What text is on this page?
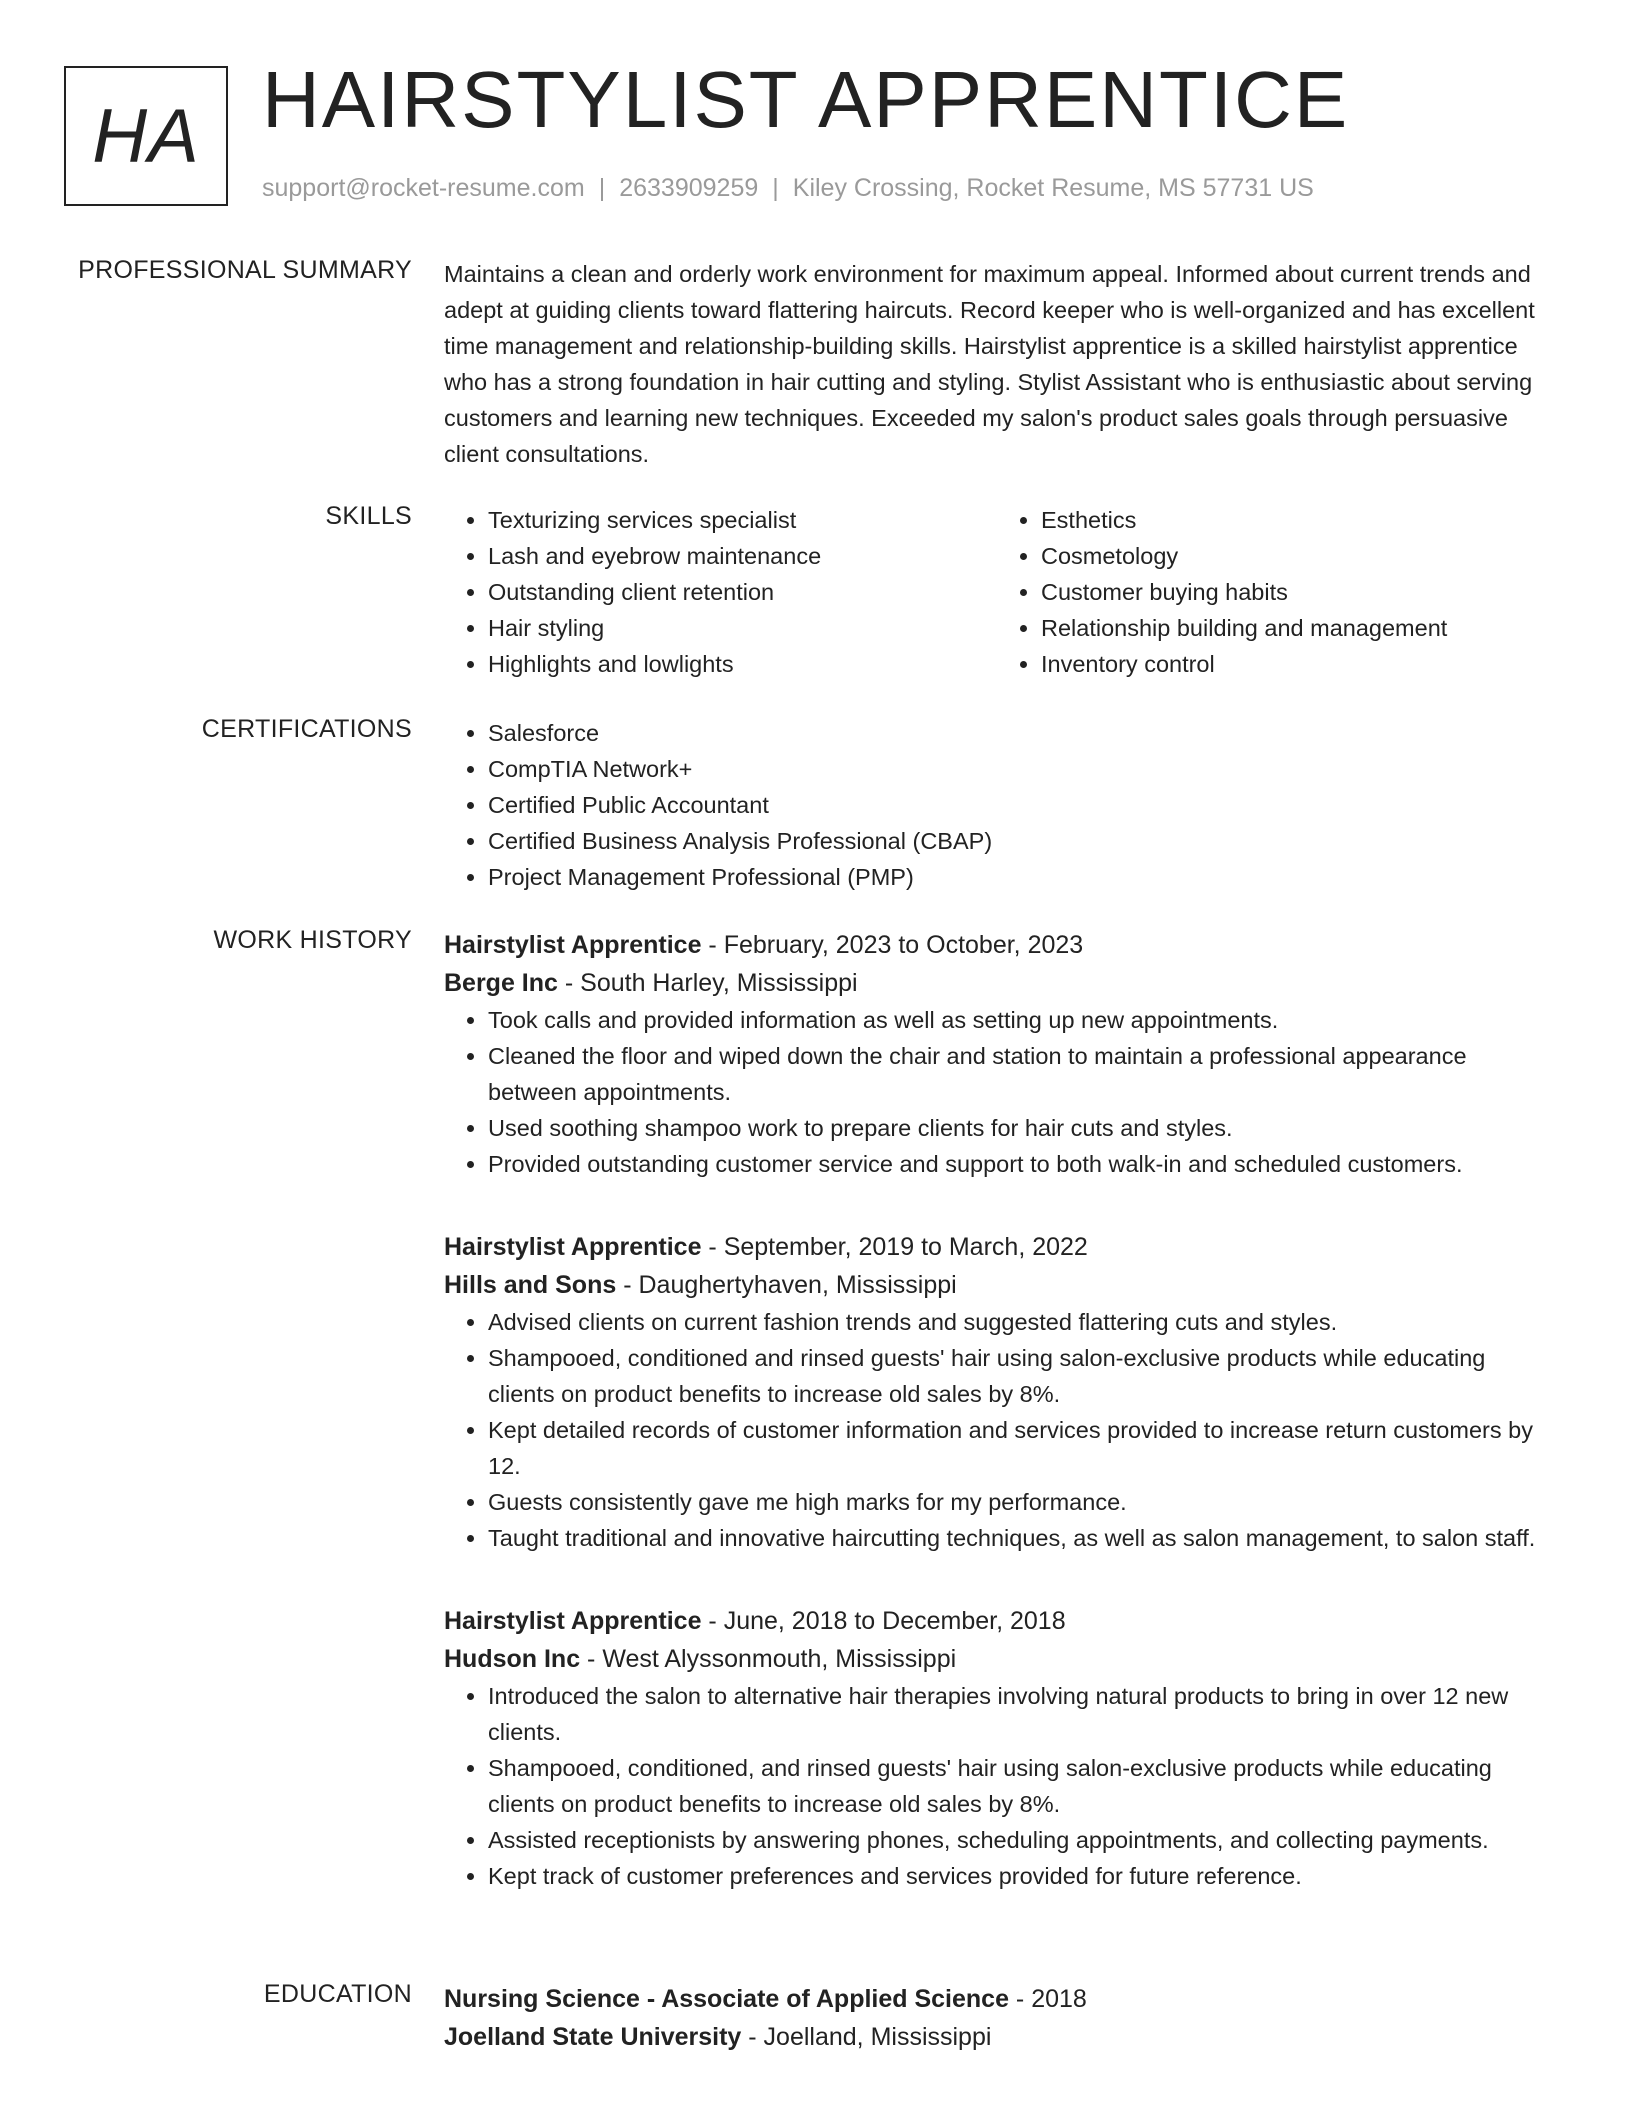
HA HAIRSTYLIST APPRENTICE
support@rocket-resume.com | 2633909259 | Kiley Crossing, Rocket Resume, MS 57731 US
PROFESSIONAL SUMMARY Maintains a clean and orderly work environment for maximum appeal. Informed about current trends and adept at guiding clients toward flattering haircuts. Record keeper who is well-organized and has excellent time management and relationship-building skills. Hairstylist apprentice is a skilled hairstylist apprentice who has a strong foundation in hair cutting and styling. Stylist Assistant who is enthusiastic about serving customers and learning new techniques. Exceeded my salon's product sales goals through persuasive client consultations.

SKILLS	• Texturizing services specialist
• Lash and eyebrow maintenance
• Outstanding client retention
• Hair styling
• Highlights and lowlights
• Esthetics
• Cosmetology
• Customer buying habits
• Relationship building and management
• Inventory control
CERTIFICATIONS	• Salesforce
• CompTIA Network+
• Certified Public Accountant
• Certified Business Analysis Professional (CBAP)
• Project Management Professional (PMP)
WORK HISTORY Hairstylist Apprentice - February, 2023 to October, 2023
Berge Inc - South Harley, Mississippi
• Took calls and provided information as well as setting up new appointments.
• Cleaned the floor and wiped down the chair and station to maintain a professional appearance between appointments.
• Used soothing shampoo work to prepare clients for hair cuts and styles.
• Provided outstanding customer service and support to both walk-in and scheduled customers.
Hairstylist Apprentice - September, 2019 to March, 2022
Hills and Sons - Daughertyhaven, Mississippi
• Advised clients on current fashion trends and suggested flattering cuts and styles.
• Shampooed, conditioned and rinsed guests' hair using salon-exclusive products while educating clients on product benefits to increase old sales by 8%.
• Kept detailed records of customer information and services provided to increase return customers by 12.
• Guests consistently gave me high marks for my performance.
• Taught traditional and innovative haircutting techniques, as well as salon management, to salon staff.
Hairstylist Apprentice - June, 2018 to December, 2018
Hudson Inc - West Alyssonmouth, Mississippi
• Introduced the salon to alternative hair therapies involving natural products to bring in over 12 new clients.
• Shampooed, conditioned, and rinsed guests' hair using salon-exclusive products while educating clients on product benefits to increase old sales by 8%.
• Assisted receptionists by answering phones, scheduling appointments, and collecting payments.
• Kept track of customer preferences and services provided for future reference.
EDUCATION Nursing Science - Associate of Applied Science - 2018
Joelland State University - Joelland, Mississippi
